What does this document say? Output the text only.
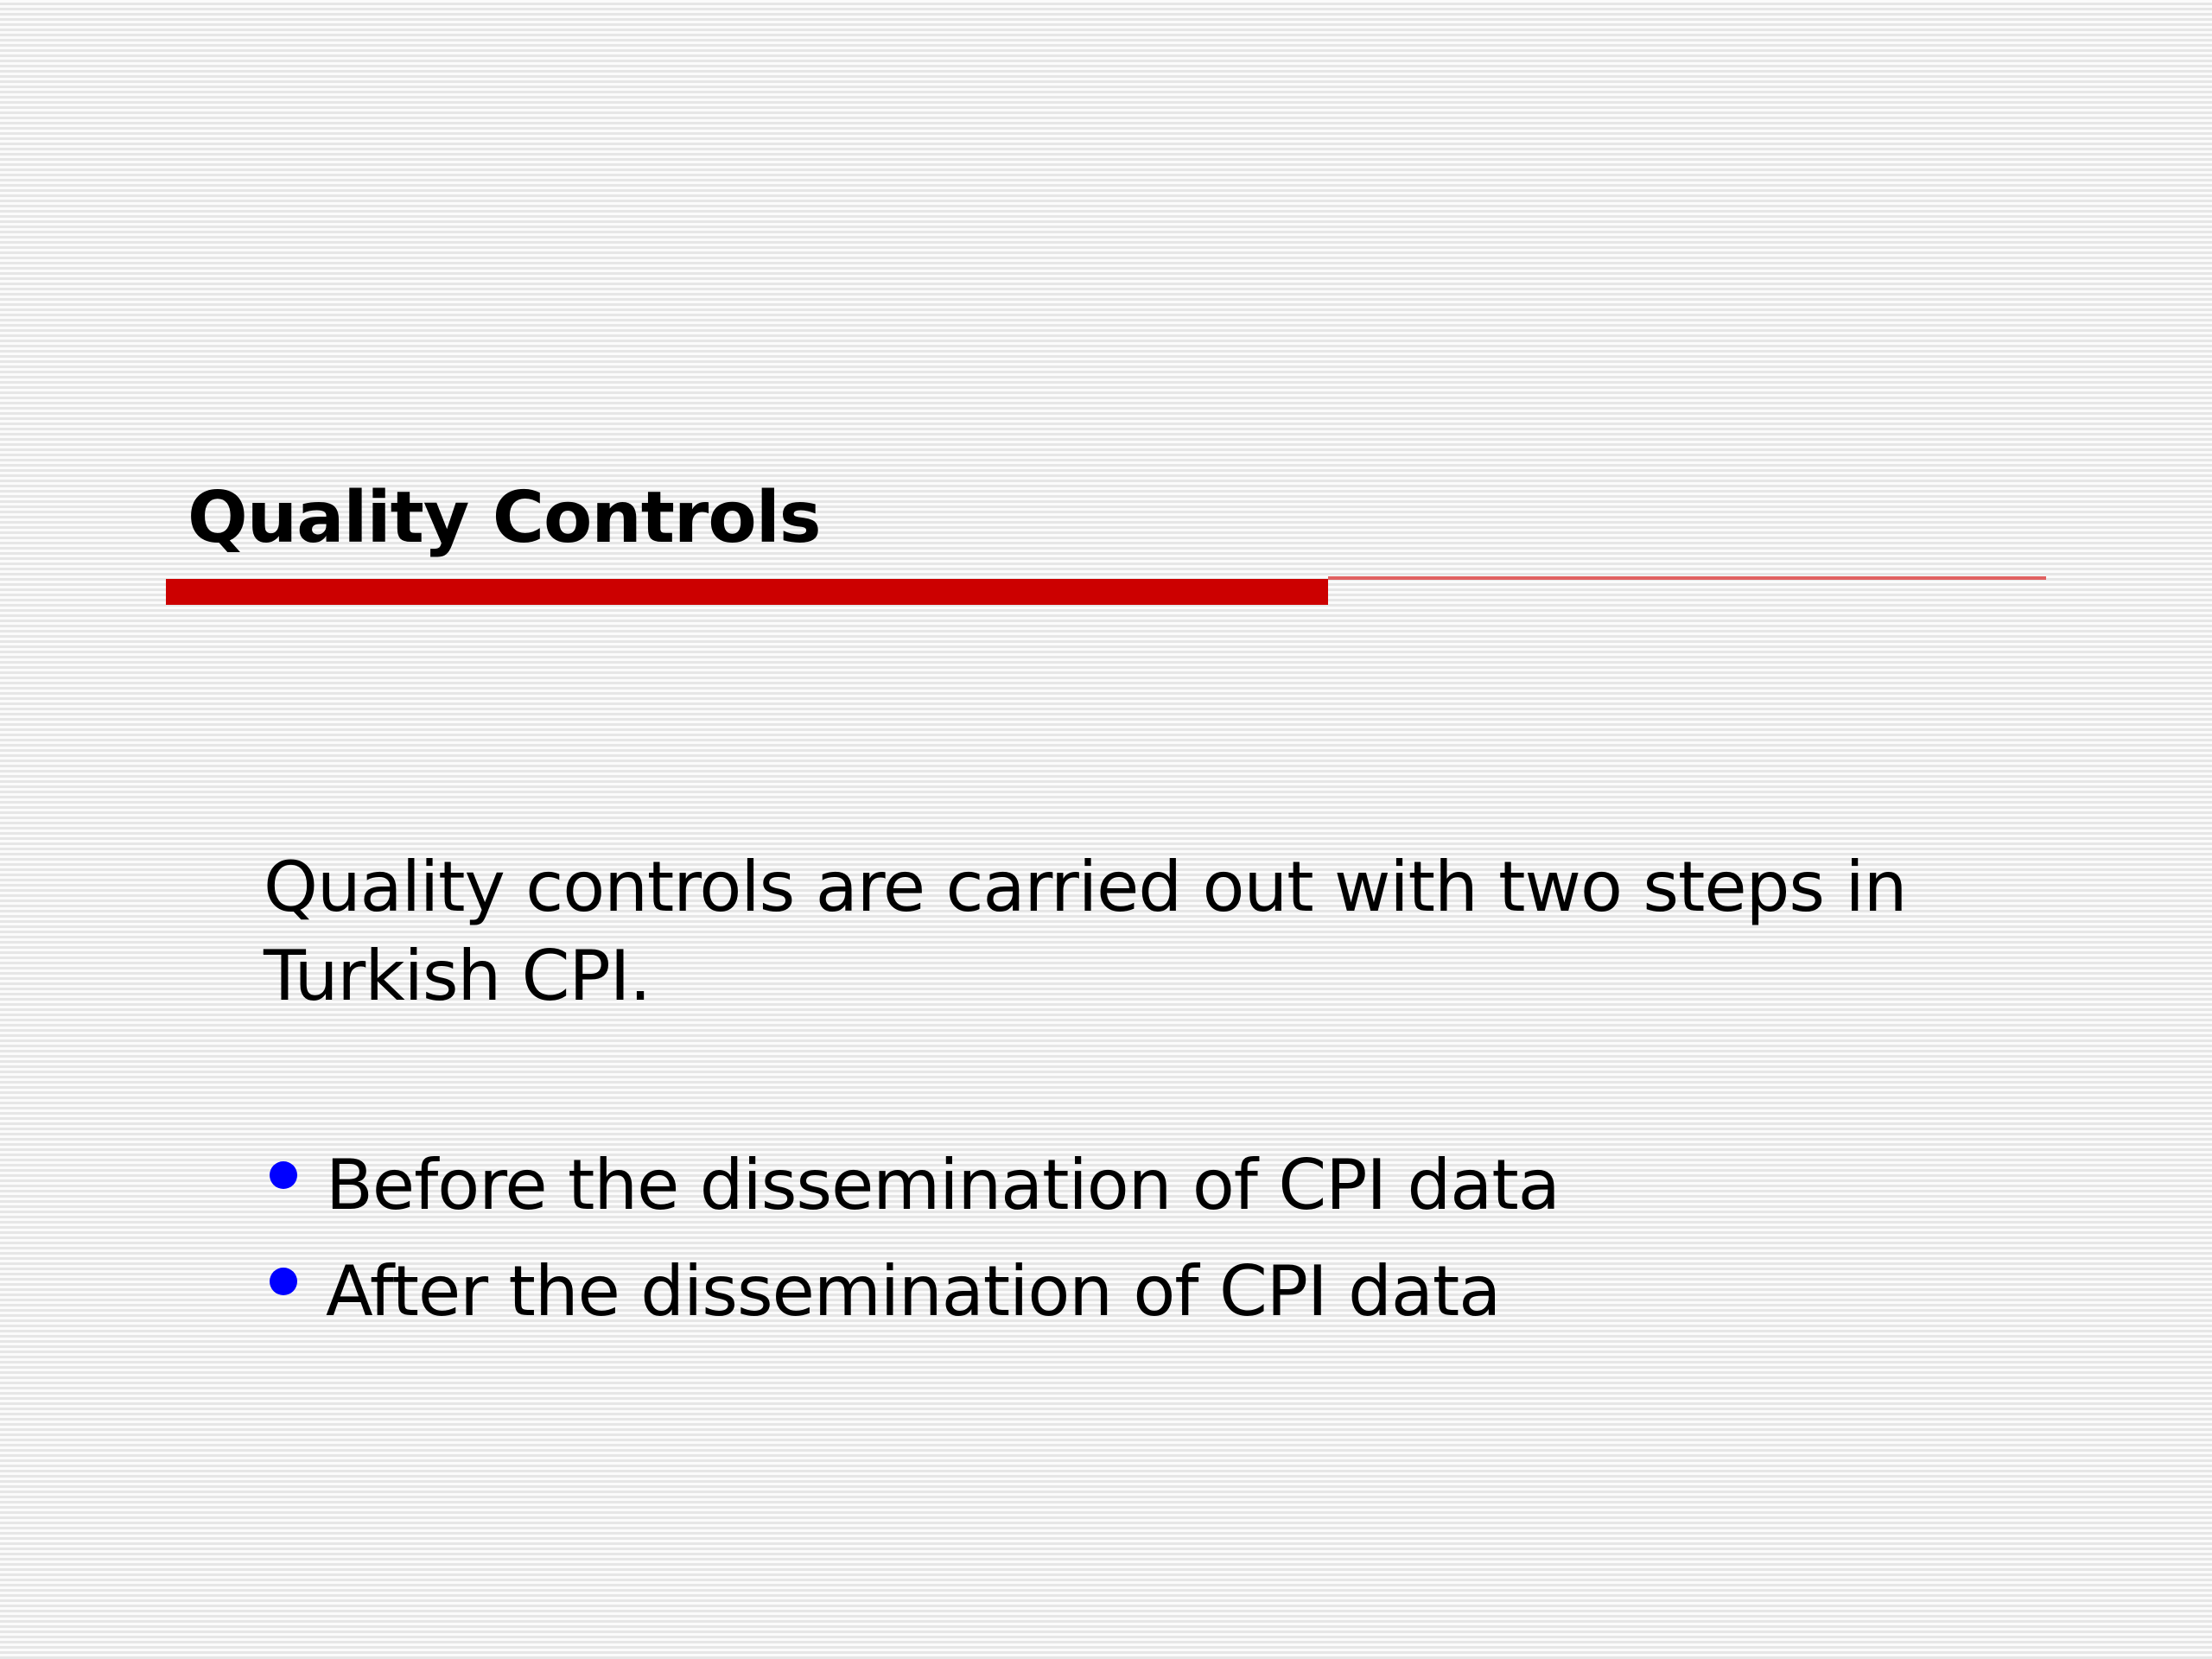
Quality Controls
Quality controls are carried out with two steps in Turkish CPI.
Before the dissemination of CPI data
After the dissemination of CPI data
